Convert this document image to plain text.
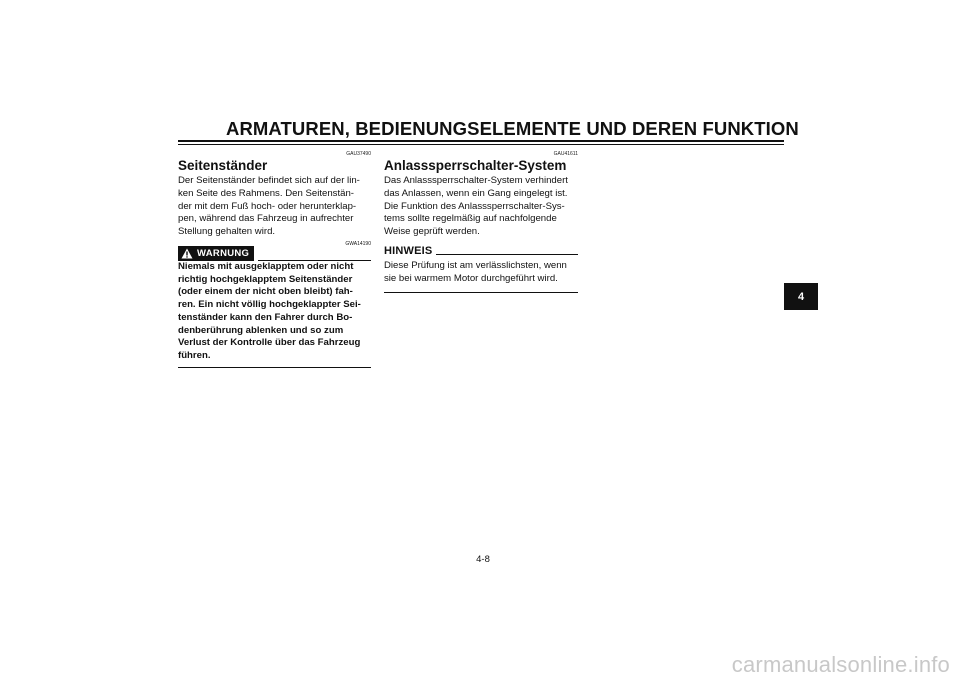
ARMATUREN, BEDIENUNGSELEMENTE UND DEREN FUNKTION
GAU37490
Seitenständer

Der Seitenständer befindet sich auf der lin-
ken Seite des Rahmens. Den Seitenstän-
der mit dem Fuß hoch- oder herunterklap-
pen, während das Fahrzeug in aufrechter
Stellung gehalten wird.

WARNUNG
GWA14190

Niemals mit ausgeklapptem oder nicht
richtig hochgeklapptem Seitenständer
(oder einem der nicht oben bleibt) fah-
ren. Ein nicht völlig hochgeklappter Sei-
tenständer kann den Fahrer durch Bo-
denberührung ablenken und so zum
Verlust der Kontrolle über das Fahrzeug
führen.

GAU41611
Anlasssperrschalter-System

Das Anlasssperrschalter-System verhindert
das Anlassen, wenn ein Gang eingelegt ist.
Die Funktion des Anlasssperrschalter-Sys-
tems sollte regelmäßig auf nachfolgende
Weise geprüft werden.

HINWEIS

Diese Prüfung ist am verlässlichsten, wenn
sie bei warmem Motor durchgeführt wird.

4
4-8
carmanualsonline.info
